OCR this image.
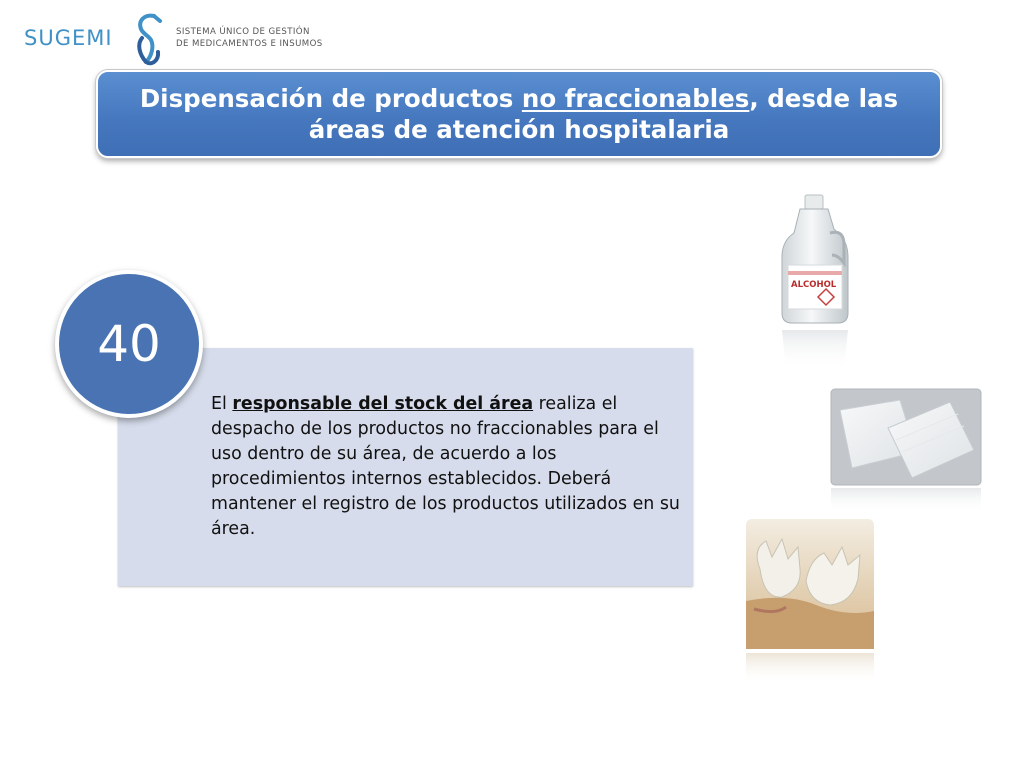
SUGEMI	SISTEMA ÚNICO DE GESTIÓN
DE MEDICAMENTOS E INSUMOS
Dispensación de productos no fraccionables, desde las áreas de atención hospitalaria
40
El responsable del stock del área realiza el despacho de los productos no fraccionables para el uso dentro de su área, de acuerdo a los procedimientos internos establecidos. Deberá mantener el registro de los productos utilizados en su área.
ALCOHOL
